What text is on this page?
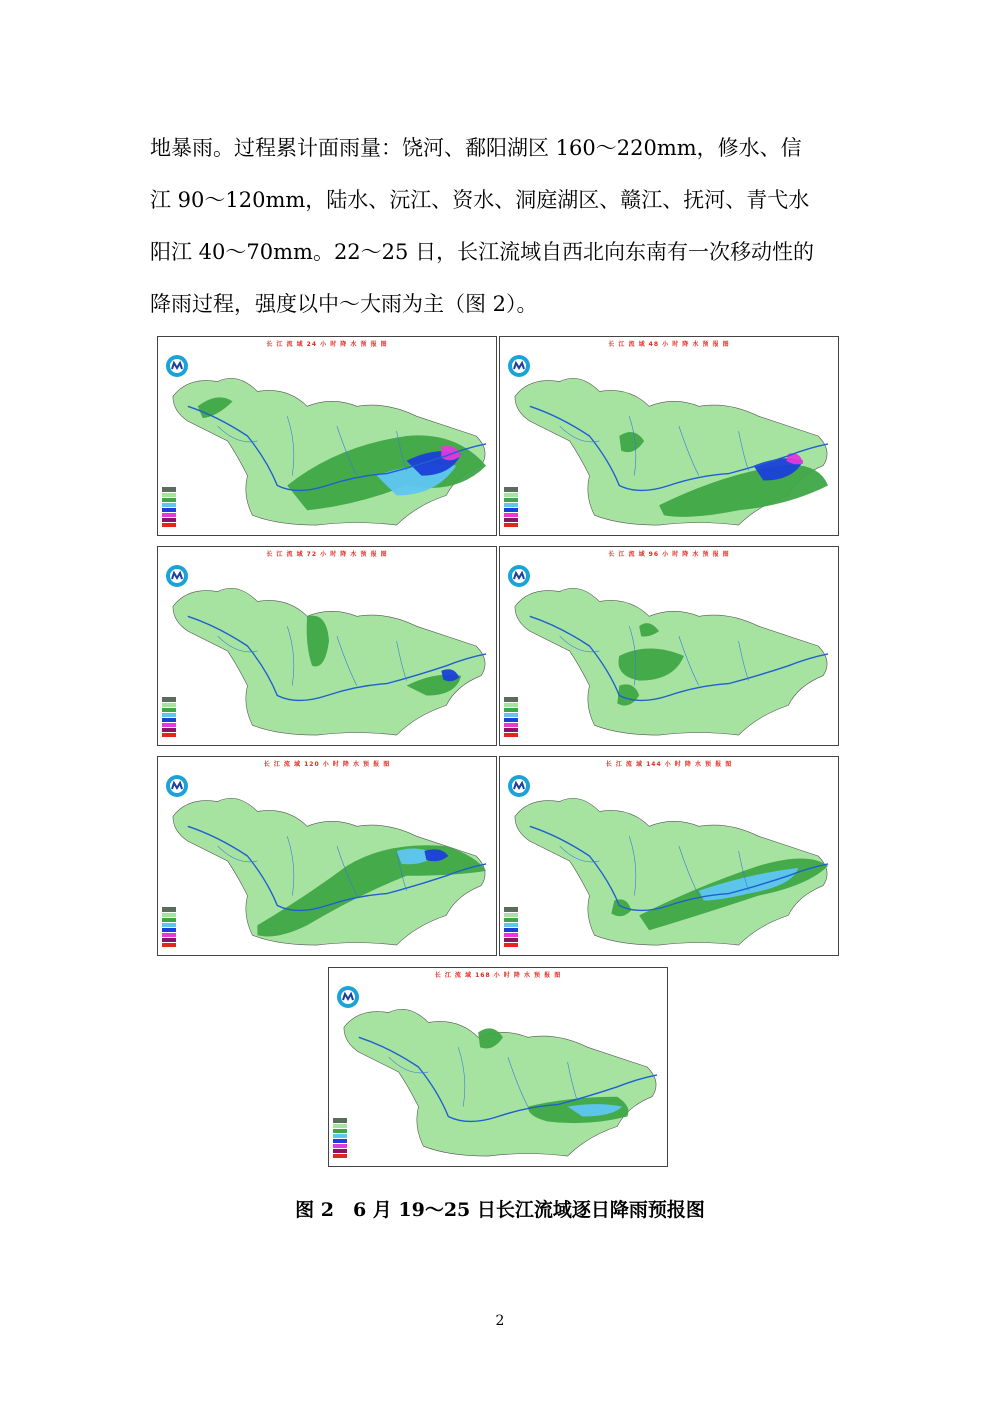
地暴雨。过程累计面雨量：饶河、鄱阳湖区 160～220mm，修水、信

江 90～120mm，陆水、沅江、资水、洞庭湖区、赣江、抚河、青弋水

阳江 40～70mm。22～25 日，长江流域自西北向东南有一次移动性的

降雨过程，强度以中～大雨为主（图 2）。

长 江 流 域 24 小 时 降 水 预 报 图	长 江 流 域 48 小 时 降 水 预 报 图
长 江 流 域 72 小 时 降 水 预 报 图	长 江 流 域 96 小 时 降 水 预 报 图
长 江 流 域 120 小 时 降 水 预 报 图	长 江 流 域 144 小 时 降 水 预 报 图
长 江 流 域 168 小 时 降 水 预 报 图
图 2　6 月 19～25 日长江流域逐日降雨预报图
2
